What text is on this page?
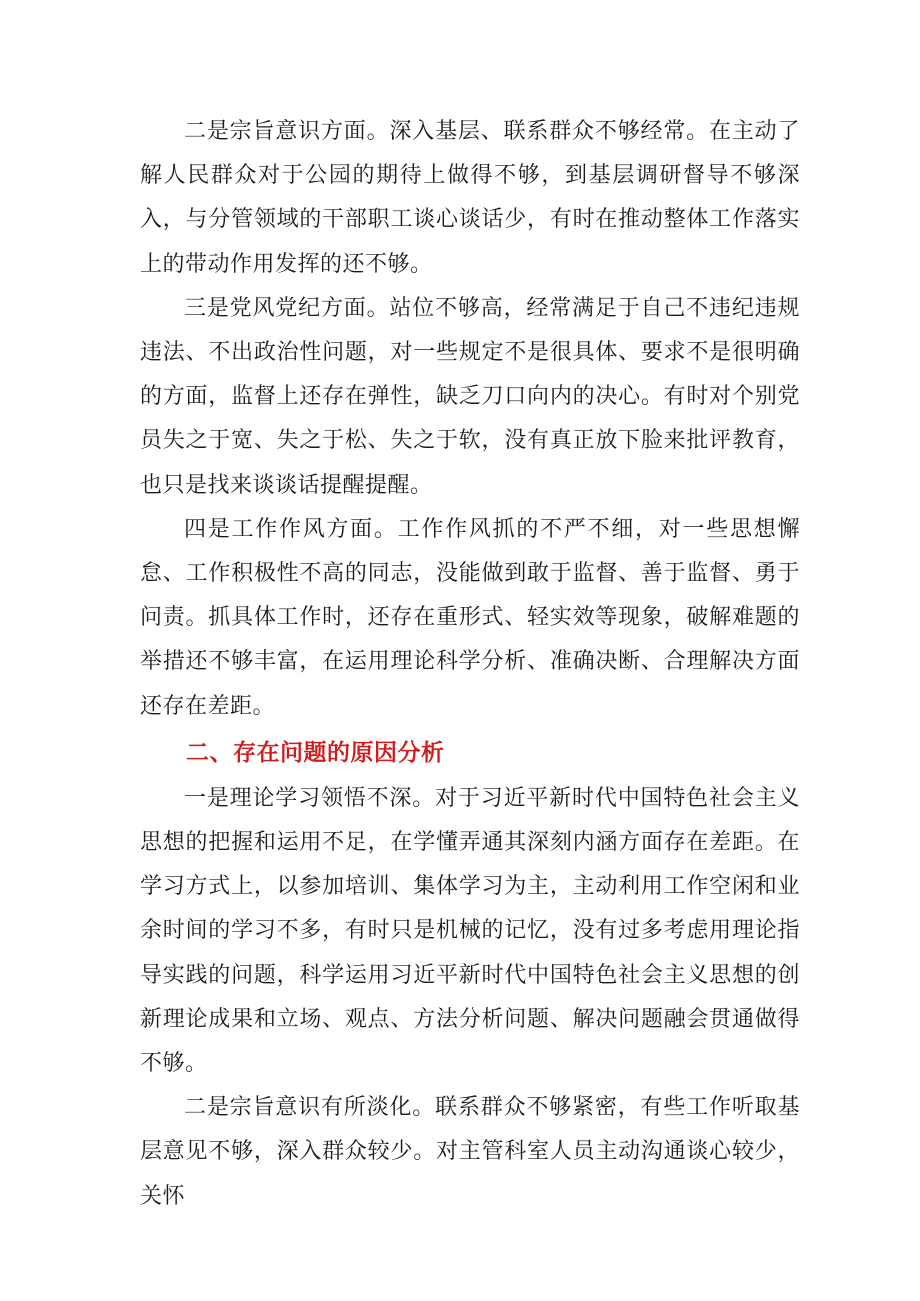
二是宗旨意识方面。深入基层、联系群众不够经常。在主动了解人民群众对于公园的期待上做得不够，到基层调研督导不够深入，与分管领域的干部职工谈心谈话少，有时在推动整体工作落实上的带动作用发挥的还不够。

三是党风党纪方面。站位不够高，经常满足于自己不违纪违规违法、不出政治性问题，对一些规定不是很具体、要求不是很明确的方面，监督上还存在弹性，缺乏刀口向内的决心。有时对个别党员失之于宽、失之于松、失之于软，没有真正放下脸来批评教育，也只是找来谈谈话提醒提醒。

四是工作作风方面。工作作风抓的不严不细，对一些思想懈怠、工作积极性不高的同志，没能做到敢于监督、善于监督、勇于问责。抓具体工作时，还存在重形式、轻实效等现象，破解难题的举措还不够丰富，在运用理论科学分析、准确决断、合理解决方面还存在差距。

二、存在问题的原因分析

一是理论学习领悟不深。对于习近平新时代中国特色社会主义思想的把握和运用不足，在学懂弄通其深刻内涵方面存在差距。在学习方式上，以参加培训、集体学习为主，主动利用工作空闲和业余时间的学习不多，有时只是机械的记忆，没有过多考虑用理论指导实践的问题，科学运用习近平新时代中国特色社会主义思想的创新理论成果和立场、观点、方法分析问题、解决问题融会贯通做得不够。

二是宗旨意识有所淡化。联系群众不够紧密，有些工作听取基层意见不够，深入群众较少。对主管科室人员主动沟通谈心较少，关怀
